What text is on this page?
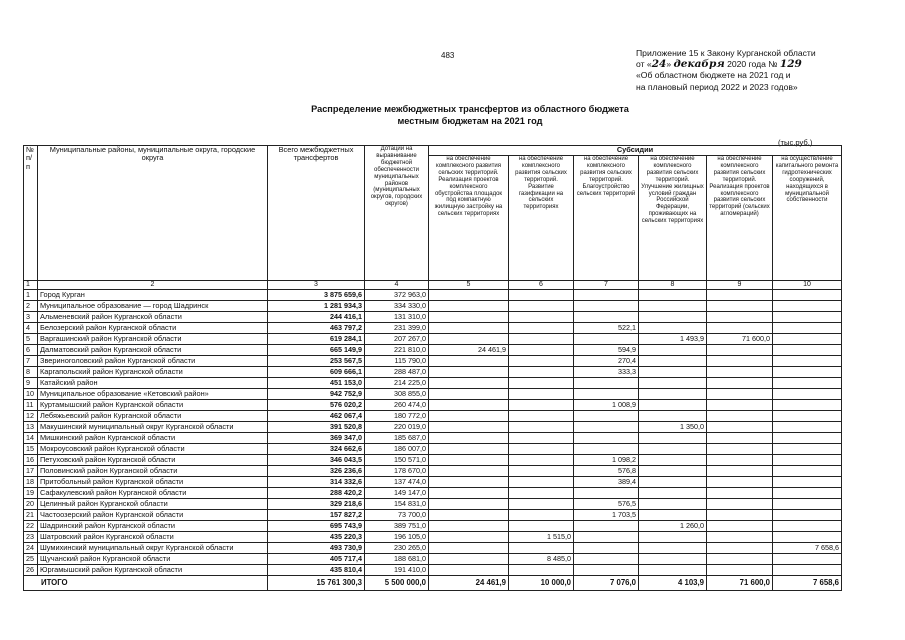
483	Приложение 15 к Закону Курганской области
от «24» декабря 2020 года № 129
«Об областном бюджете на 2021 год и
на плановый период 2022 и 2023 годов»
Распределение межбюджетных трансфертов из областного бюджета
местным бюджетам на 2021 год
(тыс.руб.)
№ п/п	Муниципальные районы, муниципальные округа, городские округа	Всего межбюджетных трансфертов	Дотации на выравнивание бюджетной обеспеченности муниципальных районов (муниципальных округов, городских округов)	Субсидии					
				на обеспечение комплексного развития сельских территорий. Реализация проектов комплексного обустройства площадок под компактную жилищную застройку на сельских территориях	на обеспечение комплексного развития сельских территорий. Развитие газификации на сельских территориях	на обеспечение комплексного развития сельских территорий. Благоустройство сельских территорий	на обеспечение комплексного развития сельских территорий. Улучшение жилищных условий граждан Российской Федерации, проживающих на сельских территориях	на обеспечение комплексного развития сельских территорий. Реализация проектов комплексного развития сельских территорий (сельских агломераций)	на осуществление капитального ремонта гидротехнических сооружений, находящихся в муниципальной собственности
1	2	3	4	5	6	7	8	9	10
1	Город Курган	3 875 659,6	372 963,0						
2	Муниципальное образование — город Шадринск	1 281 934,3	334 330,0						
3	Альменевский район Курганской области	244 416,1	131 310,0						
4	Белозерский район Курганской области	463 797,2	231 399,0			522,1			
5	Варгашинский район Курганской области	619 284,1	207 267,0				1 493,9	71 600,0	
6	Далматовский район Курганской области	665 149,9	221 810,0	24 461,9		594,9			
7	Звериноголовский район Курганской области	253 567,5	115 790,0			270,4			
8	Каргапольский район Курганской области	609 666,1	288 487,0			333,3			
9	Катайский район	451 153,0	214 225,0						
10	Муниципальное образование «Кетовский район»	942 752,9	308 855,0						
11	Куртамышский район Курганской области	576 020,2	260 474,0			1 008,9			
12	Лебяжьевский район Курганской области	462 067,4	180 772,0						
13	Макушинский муниципальный округ Курганской области	391 520,8	220 019,0				1 350,0		
14	Мишкинский район Курганской области	369 347,0	185 687,0						
15	Мокроусовский район Курганской области	324 662,6	186 007,0						
16	Петуховский район Курганской области	346 043,5	150 571,0			1 098,2			
17	Половинский район Курганской области	326 236,6	178 670,0			576,8			
18	Притобольный район Курганской области	314 332,6	137 474,0			389,4			
19	Сафакулевский район Курганской области	288 420,2	149 147,0						
20	Целинный район Курганской области	329 218,6	154 831,0			576,5			
21	Частоозерский район Курганской области	157 827,2	73 700,0			1 703,5			
22	Шадринский район Курганской области	695 743,9	389 751,0				1 260,0		
23	Шатровский район Курганской области	435 220,3	196 105,0		1 515,0				
24	Шумихинский муниципальный округ Курганской области	493 730,9	230 265,0						7 658,6
25	Щучанский район Курганской области	405 717,4	188 681,0		8 485,0				
26	Юргамышский район Курганской области	435 810,4	191 410,0						
ИТОГО		15 761 300,3	5 500 000,0	24 461,9	10 000,0	7 076,0	4 103,9	71 600,0	7 658,6
